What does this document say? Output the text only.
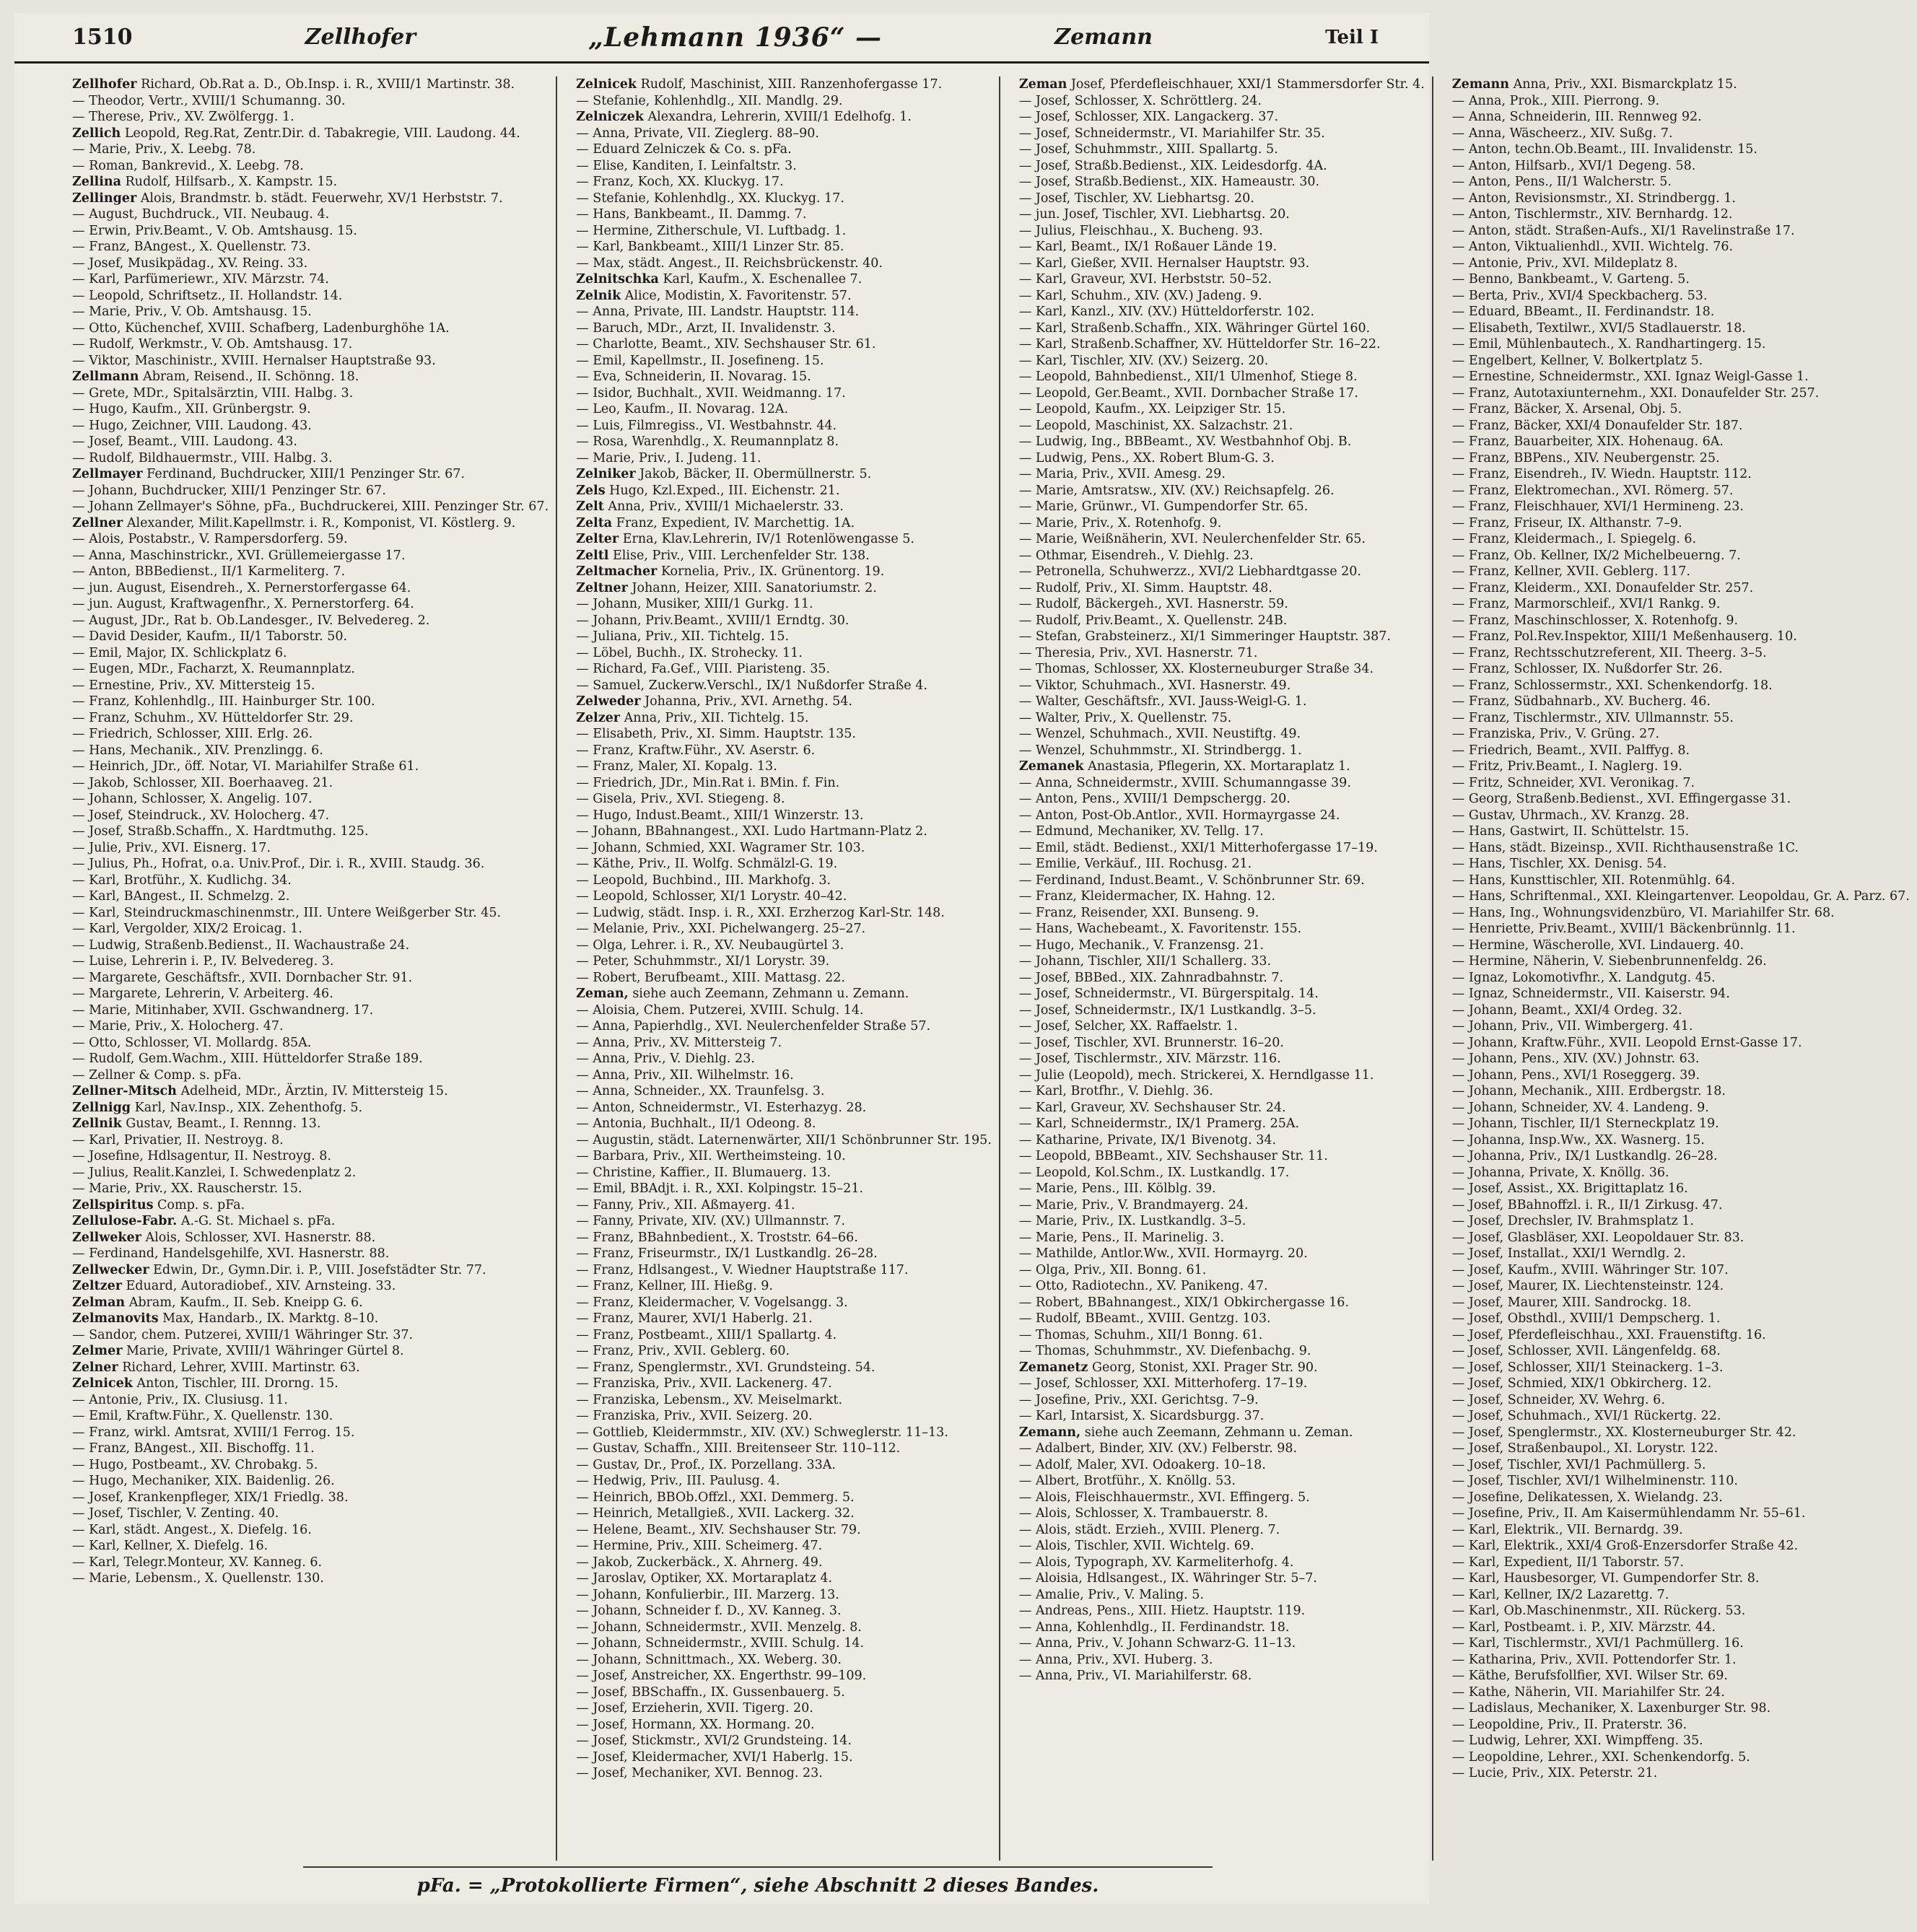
1510	Zellhofer	„Lehmann 1936“ —	Zemann	Teil I
Zellhofer Richard, Ob.Rat a. D., Ob.Insp. i. R., XVIII/1 Martinstr. 38.
— Theodor, Vertr., XVIII/1 Schumanng. 30.
— Therese, Priv., XV. Zwölfergg. 1.
Zellich Leopold, Reg.Rat, Zentr.Dir. d. Tabakregie, VIII. Laudong. 44.
— Marie, Priv., X. Leebg. 78.
— Roman, Bankrevid., X. Leebg. 78.
Zellina Rudolf, Hilfsarb., X. Kampstr. 15.
Zellinger Alois, Brandmstr. b. städt. Feuerwehr, XV/1 Herbststr. 7.
— August, Buchdruck., VII. Neubaug. 4.
— Erwin, Priv.Beamt., V. Ob. Amtshausg. 15.
— Franz, BAngest., X. Quellenstr. 73.
— Josef, Musikpädag., XV. Reing. 33.
— Karl, Parfümeriewr., XIV. Märzstr. 74.
— Leopold, Schriftsetz., II. Hollandstr. 14.
— Marie, Priv., V. Ob. Amtshausg. 15.
— Otto, Küchenchef, XVIII. Schafberg, Ladenburghöhe 1A.
— Rudolf, Werkmstr., V. Ob. Amtshausg. 17.
— Viktor, Maschinistr., XVIII. Hernalser Hauptstraße 93.
Zellmann Abram, Reisend., II. Schönng. 18.
— Grete, MDr., Spitalsärztin, VIII. Halbg. 3.
— Hugo, Kaufm., XII. Grünbergstr. 9.
— Hugo, Zeichner, VIII. Laudong. 43.
— Josef, Beamt., VIII. Laudong. 43.
— Rudolf, Bildhauermstr., VIII. Halbg. 3.
Zellmayer Ferdinand, Buchdrucker, XIII/1 Penzinger Str. 67.
— Johann, Buchdrucker, XIII/1 Penzinger Str. 67.
— Johann Zellmayer's Söhne, pFa., Buchdruckerei, XIII. Penzinger Str. 67.
Zellner Alexander, Milit.Kapellmstr. i. R., Komponist, VI. Köstlerg. 9.
— Alois, Postabstr., V. Rampersdorferg. 59.
— Anna, Maschinstrickr., XVI. Grüllemeiergasse 17.
— Anton, BBBedienst., II/1 Karmeliterg. 7.
— jun. August, Eisendreh., X. Pernerstorfergasse 64.
— jun. August, Kraftwagenfhr., X. Pernerstorferg. 64.
— August, JDr., Rat b. Ob.Landesger., IV. Belvedereg. 2.
— David Desider, Kaufm., II/1 Taborstr. 50.
— Emil, Major, IX. Schlickplatz 6.
— Eugen, MDr., Facharzt, X. Reumannplatz.
— Ernestine, Priv., XV. Mittersteig 15.
— Franz, Kohlenhdlg., III. Hainburger Str. 100.
— Franz, Schuhm., XV. Hütteldorfer Str. 29.
— Friedrich, Schlosser, XIII. Erlg. 26.
— Hans, Mechanik., XIV. Prenzlingg. 6.
— Heinrich, JDr., öff. Notar, VI. Mariahilfer Straße 61.
— Jakob, Schlosser, XII. Boerhaaveg. 21.
— Johann, Schlosser, X. Angelig. 107.
— Josef, Steindruck., XV. Holocherg. 47.
— Josef, Straßb.Schaffn., X. Hardtmuthg. 125.
— Julie, Priv., XVI. Eisnerg. 17.
— Julius, Ph., Hofrat, o.a. Univ.Prof., Dir. i. R., XVIII. Staudg. 36.
— Karl, Brotführ., X. Kudlichg. 34.
— Karl, BAngest., II. Schmelzg. 2.
— Karl, Steindruckmaschinenmstr., III. Untere Weißgerber Str. 45.
— Karl, Vergolder, XIX/2 Eroicag. 1.
— Ludwig, Straßenb.Bedienst., II. Wachaustraße 24.
— Luise, Lehrerin i. P., IV. Belvedereg. 3.
— Margarete, Geschäftsfr., XVII. Dornbacher Str. 91.
— Margarete, Lehrerin, V. Arbeiterg. 46.
— Marie, Mitinhaber, XVII. Gschwandnerg. 17.
— Marie, Priv., X. Holocherg. 47.
— Otto, Schlosser, VI. Mollardg. 85A.
— Rudolf, Gem.Wachm., XIII. Hütteldorfer Straße 189.
— Zellner & Comp. s. pFa.
Zellner-Mitsch Adelheid, MDr., Ärztin, IV. Mittersteig 15.
Zellnigg Karl, Nav.Insp., XIX. Zehenthofg. 5.
Zellnik Gustav, Beamt., I. Rennng. 13.
— Karl, Privatier, II. Nestroyg. 8.
— Josefine, Hdlsagentur, II. Nestroyg. 8.
— Julius, Realit.Kanzlei, I. Schwedenplatz 2.
— Marie, Priv., XX. Rauscherstr. 15.
Zellspiritus Comp. s. pFa.
Zellulose-Fabr. A.-G. St. Michael s. pFa.
Zellweker Alois, Schlosser, XVI. Hasnerstr. 88.
— Ferdinand, Handelsgehilfe, XVI. Hasnerstr. 88.
Zellwecker Edwin, Dr., Gymn.Dir. i. P., VIII. Josefstädter Str. 77.
Zeltzer Eduard, Autoradiobef., XIV. Arnsteing. 33.
Zelman Abram, Kaufm., II. Seb. Kneipp G. 6.
Zelmanovits Max, Handarb., IX. Marktg. 8–10.
— Sandor, chem. Putzerei, XVIII/1 Währinger Str. 37.
Zelmer Marie, Private, XVIII/1 Währinger Gürtel 8.
Zelner Richard, Lehrer, XVIII. Martinstr. 63.
Zelnicek Anton, Tischler, III. Drorng. 15.
— Antonie, Priv., IX. Clusiusg. 11.
— Emil, Kraftw.Führ., X. Quellenstr. 130.
— Franz, wirkl. Amtsrat, XVIII/1 Ferrog. 15.
— Franz, BAngest., XII. Bischoffg. 11.
— Hugo, Postbeamt., XV. Chrobakg. 5.
— Hugo, Mechaniker, XIX. Baidenlig. 26.
— Josef, Krankenpfleger, XIX/1 Friedlg. 38.
— Josef, Tischler, V. Zenting. 40.
— Karl, städt. Angest., X. Diefelg. 16.
— Karl, Kellner, X. Diefelg. 16.
— Karl, Telegr.Monteur, XV. Kanneg. 6.
— Marie, Lebensm., X. Quellenstr. 130.
Zelnicek Rudolf, Maschinist, XIII. Ranzenhofergasse 17.
— Stefanie, Kohlenhdlg., XII. Mandlg. 29.
Zelniczek Alexandra, Lehrerin, XVIII/1 Edelhofg. 1.
— Anna, Private, VII. Zieglerg. 88–90.
— Eduard Zelniczek & Co. s. pFa.
— Elise, Kanditen, I. Leinfaltstr. 3.
— Franz, Koch, XX. Kluckyg. 17.
— Stefanie, Kohlenhdlg., XX. Kluckyg. 17.
— Hans, Bankbeamt., II. Dammg. 7.
— Hermine, Zitherschule, VI. Luftbadg. 1.
— Karl, Bankbeamt., XIII/1 Linzer Str. 85.
— Max, städt. Angest., II. Reichsbrückenstr. 40.
Zelnitschka Karl, Kaufm., X. Eschenallee 7.
Zelnik Alice, Modistin, X. Favoritenstr. 57.
— Anna, Private, III. Landstr. Hauptstr. 114.
— Baruch, MDr., Arzt, II. Invalidenstr. 3.
— Charlotte, Beamt., XIV. Sechshauser Str. 61.
— Emil, Kapellmstr., II. Josefineng. 15.
— Eva, Schneiderin, II. Novarag. 15.
— Isidor, Buchhalt., XVII. Weidmanng. 17.
— Leo, Kaufm., II. Novarag. 12A.
— Luis, Filmregiss., VI. Westbahnstr. 44.
— Rosa, Warenhdlg., X. Reumannplatz 8.
— Marie, Priv., I. Judeng. 11.
Zelniker Jakob, Bäcker, II. Obermüllnerstr. 5.
Zels Hugo, Kzl.Exped., III. Eichenstr. 21.
Zelt Anna, Priv., XVIII/1 Michaelerstr. 33.
Zelta Franz, Expedient, IV. Marchettig. 1A.
Zelter Erna, Klav.Lehrerin, IV/1 Rotenlöwengasse 5.
Zeltl Elise, Priv., VIII. Lerchenfelder Str. 138.
Zeltmacher Kornelia, Priv., IX. Grünentorg. 19.
Zeltner Johann, Heizer, XIII. Sanatoriumstr. 2.
— Johann, Musiker, XIII/1 Gurkg. 11.
— Johann, Priv.Beamt., XVIII/1 Erndtg. 30.
— Juliana, Priv., XII. Tichtelg. 15.
— Löbel, Buchh., IX. Strohecky. 11.
— Richard, Fa.Gef., VIII. Piaristeng. 35.
— Samuel, Zuckerw.Verschl., IX/1 Nußdorfer Straße 4.
Zelweder Johanna, Priv., XVI. Arnethg. 54.
Zelzer Anna, Priv., XII. Tichtelg. 15.
— Elisabeth, Priv., XI. Simm. Hauptstr. 135.
— Franz, Kraftw.Führ., XV. Aserstr. 6.
— Franz, Maler, XI. Kopalg. 13.
— Friedrich, JDr., Min.Rat i. BMin. f. Fin.
— Gisela, Priv., XVI. Stiegeng. 8.
— Hugo, Indust.Beamt., XIII/1 Winzerstr. 13.
— Johann, BBahnangest., XXI. Ludo Hartmann-Platz 2.
— Johann, Schmied, XXI. Wagramer Str. 103.
— Käthe, Priv., II. Wolfg. Schmälzl-G. 19.
— Leopold, Buchbind., III. Markhofg. 3.
— Leopold, Schlosser, XI/1 Lorystr. 40–42.
— Ludwig, städt. Insp. i. R., XXI. Erzherzog Karl-Str. 148.
— Melanie, Priv., XXI. Pichelwangerg. 25–27.
— Olga, Lehrer. i. R., XV. Neubaugürtel 3.
— Peter, Schuhmmstr., XI/1 Lorystr. 39.
— Robert, Berufbeamt., XIII. Mattasg. 22.
Zeman, siehe auch Zeemann, Zehmann u. Zemann.
— Aloisia, Chem. Putzerei, XVIII. Schulg. 14.
— Anna, Papierhdlg., XVI. Neulerchenfelder Straße 57.
— Anna, Priv., XV. Mittersteig 7.
— Anna, Priv., V. Diehlg. 23.
— Anna, Priv., XII. Wilhelmstr. 16.
— Anna, Schneider., XX. Traunfelsg. 3.
— Anton, Schneidermstr., VI. Esterhazyg. 28.
— Antonia, Buchhalt., II/1 Odeong. 8.
— Augustin, städt. Laternenwärter, XII/1 Schönbrunner Str. 195.
— Barbara, Priv., XII. Wertheimsteing. 10.
— Christine, Kaffier., II. Blumauerg. 13.
— Emil, BBAdjt. i. R., XXI. Kolpingstr. 15–21.
— Fanny, Priv., XII. Aßmayerg. 41.
— Fanny, Private, XIV. (XV.) Ullmannstr. 7.
— Franz, BBahnbedient., X. Troststr. 64–66.
— Franz, Friseurmstr., IX/1 Lustkandlg. 26–28.
— Franz, Hdlsangest., V. Wiedner Hauptstraße 117.
— Franz, Kellner, III. Hießg. 9.
— Franz, Kleidermacher, V. Vogelsangg. 3.
— Franz, Maurer, XVI/1 Haberlg. 21.
— Franz, Postbeamt., XIII/1 Spallartg. 4.
— Franz, Priv., XVII. Geblerg. 60.
— Franz, Spenglermstr., XVI. Grundsteing. 54.
— Franziska, Priv., XVII. Lackenerg. 47.
— Franziska, Lebensm., XV. Meiselmarkt.
— Franziska, Priv., XVII. Seizerg. 20.
— Gottlieb, Kleidermmstr., XIV. (XV.) Schweglerstr. 11–13.
— Gustav, Schaffn., XIII. Breitenseer Str. 110–112.
— Gustav, Dr., Prof., IX. Porzellang. 33A.
— Hedwig, Priv., III. Paulusg. 4.
— Heinrich, BBOb.Offzl., XXI. Demmerg. 5.
— Heinrich, Metallgieß., XVII. Lackerg. 32.
— Helene, Beamt., XIV. Sechshauser Str. 79.
— Hermine, Priv., XIII. Scheimerg. 47.
— Jakob, Zuckerbäck., X. Ahrnerg. 49.
— Jaroslav, Optiker, XX. Mortaraplatz 4.
— Johann, Konfulierbir., III. Marzerg. 13.
— Johann, Schneider f. D., XV. Kanneg. 3.
— Johann, Schneidermstr., XVII. Menzelg. 8.
— Johann, Schneidermstr., XVIII. Schulg. 14.
— Johann, Schnittmach., XX. Weberg. 30.
— Josef, Anstreicher, XX. Engerthstr. 99–109.
— Josef, BBSchaffn., IX. Gussenbauerg. 5.
— Josef, Erzieherin, XVII. Tigerg. 20.
— Josef, Hormann, XX. Hormang. 20.
— Josef, Stickmstr., XVI/2 Grundsteing. 14.
— Josef, Kleidermacher, XVI/1 Haberlg. 15.
— Josef, Mechaniker, XVI. Bennog. 23.
Zeman Josef, Pferdefleischhauer, XXI/1 Stammersdorfer Str. 4.
— Josef, Schlosser, X. Schröttlerg. 24.
— Josef, Schlosser, XIX. Langackerg. 37.
— Josef, Schneidermstr., VI. Mariahilfer Str. 35.
— Josef, Schuhmmstr., XIII. Spallartg. 5.
— Josef, Straßb.Bedienst., XIX. Leidesdorfg. 4A.
— Josef, Straßb.Bedienst., XIX. Hameaustr. 30.
— Josef, Tischler, XV. Liebhartsg. 20.
— jun. Josef, Tischler, XVI. Liebhartsg. 20.
— Julius, Fleischhau., X. Bucheng. 93.
— Karl, Beamt., IX/1 Roßauer Lände 19.
— Karl, Gießer, XVII. Hernalser Hauptstr. 93.
— Karl, Graveur, XVI. Herbststr. 50–52.
— Karl, Schuhm., XIV. (XV.) Jadeng. 9.
— Karl, Kanzl., XIV. (XV.) Hütteldorferstr. 102.
— Karl, Straßenb.Schaffn., XIX. Währinger Gürtel 160.
— Karl, Straßenb.Schaffner, XV. Hütteldorfer Str. 16–22.
— Karl, Tischler, XIV. (XV.) Seizerg. 20.
— Leopold, Bahnbedienst., XII/1 Ulmenhof, Stiege 8.
— Leopold, Ger.Beamt., XVII. Dornbacher Straße 17.
— Leopold, Kaufm., XX. Leipziger Str. 15.
— Leopold, Maschinist, XX. Salzachstr. 21.
— Ludwig, Ing., BBBeamt., XV. Westbahnhof Obj. B.
— Ludwig, Pens., XX. Robert Blum-G. 3.
— Maria, Priv., XVII. Amesg. 29.
— Marie, Amtsratsw., XIV. (XV.) Reichsapfelg. 26.
— Marie, Grünwr., VI. Gumpendorfer Str. 65.
— Marie, Priv., X. Rotenhofg. 9.
— Marie, Weißnäherin, XVI. Neulerchenfelder Str. 65.
— Othmar, Eisendreh., V. Diehlg. 23.
— Petronella, Schuhwerzz., XVI/2 Liebhardtgasse 20.
— Rudolf, Priv., XI. Simm. Hauptstr. 48.
— Rudolf, Bäckergeh., XVI. Hasnerstr. 59.
— Rudolf, Priv.Beamt., X. Quellenstr. 24B.
— Stefan, Grabsteinerz., XI/1 Simmeringer Hauptstr. 387.
— Theresia, Priv., XVI. Hasnerstr. 71.
— Thomas, Schlosser, XX. Klosterneuburger Straße 34.
— Viktor, Schuhmach., XVI. Hasnerstr. 49.
— Walter, Geschäftsfr., XVI. Jauss-Weigl-G. 1.
— Walter, Priv., X. Quellenstr. 75.
— Wenzel, Schuhmach., XVII. Neustiftg. 49.
— Wenzel, Schuhmmstr., XI. Strindbergg. 1.
Zemanek Anastasia, Pflegerin, XX. Mortaraplatz 1.
— Anna, Schneidermstr., XVIII. Schumanngasse 39.
— Anton, Pens., XVIII/1 Dempschergg. 20.
— Anton, Post-Ob.Antlor., XVII. Hormayrgasse 24.
— Edmund, Mechaniker, XV. Tellg. 17.
— Emil, städt. Bedienst., XXI/1 Mitterhofergasse 17–19.
— Emilie, Verkäuf., III. Rochusg. 21.
— Ferdinand, Indust.Beamt., V. Schönbrunner Str. 69.
— Franz, Kleidermacher, IX. Hahng. 12.
— Franz, Reisender, XXI. Bunseng. 9.
— Hans, Wachebeamt., X. Favoritenstr. 155.
— Hugo, Mechanik., V. Franzensg. 21.
— Johann, Tischler, XII/1 Schallerg. 33.
— Josef, BBBed., XIX. Zahnradbahnstr. 7.
— Josef, Schneidermstr., VI. Bürgerspitalg. 14.
— Josef, Schneidermstr., IX/1 Lustkandlg. 3–5.
— Josef, Selcher, XX. Raffaelstr. 1.
— Josef, Tischler, XVI. Brunnerstr. 16–20.
— Josef, Tischlermstr., XIV. Märzstr. 116.
— Julie (Leopold), mech. Strickerei, X. Herndlgasse 11.
— Karl, Brotfhr., V. Diehlg. 36.
— Karl, Graveur, XV. Sechshauser Str. 24.
— Karl, Schneidermstr., IX/1 Pramerg. 25A.
— Katharine, Private, IX/1 Bivenotg. 34.
— Leopold, BBBeamt., XIV. Sechshauser Str. 11.
— Leopold, Kol.Schm., IX. Lustkandlg. 17.
— Marie, Pens., III. Kölblg. 39.
— Marie, Priv., V. Brandmayerg. 24.
— Marie, Priv., IX. Lustkandlg. 3–5.
— Marie, Pens., II. Marinelig. 3.
— Mathilde, Antlor.Ww., XVII. Hormayrg. 20.
— Olga, Priv., XII. Bonng. 61.
— Otto, Radiotechn., XV. Panikeng. 47.
— Robert, BBahnangest., XIX/1 Obkirchergasse 16.
— Rudolf, BBeamt., XVIII. Gentzg. 103.
— Thomas, Schuhm., XII/1 Bonng. 61.
— Thomas, Schuhmmstr., XV. Diefenbachg. 9.
Zemanetz Georg, Stonist, XXI. Prager Str. 90.
— Josef, Schlosser, XXI. Mitterhoferg. 17–19.
— Josefine, Priv., XXI. Gerichtsg. 7–9.
— Karl, Intarsist, X. Sicardsburgg. 37.
Zemann, siehe auch Zeemann, Zehmann u. Zeman.
— Adalbert, Binder, XIV. (XV.) Felberstr. 98.
— Adolf, Maler, XVI. Odoakerg. 10–18.
— Albert, Brotführ., X. Knöllg. 53.
— Alois, Fleischhauermstr., XVI. Effingerg. 5.
— Alois, Schlosser, X. Trambauerstr. 8.
— Alois, städt. Erzieh., XVIII. Plenerg. 7.
— Alois, Tischler, XVII. Wichtelg. 69.
— Alois, Typograph, XV. Karmeliterhofg. 4.
— Aloisia, Hdlsangest., IX. Währinger Str. 5–7.
— Amalie, Priv., V. Maling. 5.
— Andreas, Pens., XIII. Hietz. Hauptstr. 119.
— Anna, Kohlenhdlg., II. Ferdinandstr. 18.
— Anna, Priv., V. Johann Schwarz-G. 11–13.
— Anna, Priv., XVI. Huberg. 3.
— Anna, Priv., VI. Mariahilferstr. 68.
Zemann Anna, Priv., XXI. Bismarckplatz 15.
— Anna, Prok., XIII. Pierrong. 9.
— Anna, Schneiderin, III. Rennweg 92.
— Anna, Wäscheerz., XIV. Sußg. 7.
— Anton, techn.Ob.Beamt., III. Invalidenstr. 15.
— Anton, Hilfsarb., XVI/1 Degeng. 58.
— Anton, Pens., II/1 Walcherstr. 5.
— Anton, Revisionsmstr., XI. Strindbergg. 1.
— Anton, Tischlermstr., XIV. Bernhardg. 12.
— Anton, städt. Straßen-Aufs., XI/1 Ravelinstraße 17.
— Anton, Viktualienhdl., XVII. Wichtelg. 76.
— Antonie, Priv., XVI. Mildeplatz 8.
— Benno, Bankbeamt., V. Garteng. 5.
— Berta, Priv., XVI/4 Speckbacherg. 53.
— Eduard, BBeamt., II. Ferdinandstr. 18.
— Elisabeth, Textilwr., XVI/5 Stadlauerstr. 18.
— Emil, Mühlenbautech., X. Randhartingerg. 15.
— Engelbert, Kellner, V. Bolkertplatz 5.
— Ernestine, Schneidermstr., XXI. Ignaz Weigl-Gasse 1.
— Franz, Autotaxiunternehm., XXI. Donaufelder Str. 257.
— Franz, Bäcker, X. Arsenal, Obj. 5.
— Franz, Bäcker, XXI/4 Donaufelder Str. 187.
— Franz, Bauarbeiter, XIX. Hohenaug. 6A.
— Franz, BBPens., XIV. Neubergenstr. 25.
— Franz, Eisendreh., IV. Wiedn. Hauptstr. 112.
— Franz, Elektromechan., XVI. Römerg. 57.
— Franz, Fleischhauer, XVI/1 Hermineng. 23.
— Franz, Friseur, IX. Althanstr. 7–9.
— Franz, Kleidermach., I. Spiegelg. 6.
— Franz, Ob. Kellner, IX/2 Michelbeuerng. 7.
— Franz, Kellner, XVII. Geblerg. 117.
— Franz, Kleiderm., XXI. Donaufelder Str. 257.
— Franz, Marmorschleif., XVI/1 Rankg. 9.
— Franz, Maschinschlosser, X. Rotenhofg. 9.
— Franz, Pol.Rev.Inspektor, XIII/1 Meßenhauserg. 10.
— Franz, Rechtsschutzreferent, XII. Theerg. 3–5.
— Franz, Schlosser, IX. Nußdorfer Str. 26.
— Franz, Schlossermstr., XXI. Schenkendorfg. 18.
— Franz, Südbahnarb., XV. Bucherg. 46.
— Franz, Tischlermstr., XIV. Ullmannstr. 55.
— Franziska, Priv., V. Grüng. 27.
— Friedrich, Beamt., XVII. Palffyg. 8.
— Fritz, Priv.Beamt., I. Naglerg. 19.
— Fritz, Schneider, XVI. Veronikag. 7.
— Georg, Straßenb.Bedienst., XVI. Effingergasse 31.
— Gustav, Uhrmach., XV. Kranzg. 28.
— Hans, Gastwirt, II. Schüttelstr. 15.
— Hans, städt. Bizeinsp., XVII. Richthausenstraße 1C.
— Hans, Tischler, XX. Denisg. 54.
— Hans, Kunsttischler, XII. Rotenmühlg. 64.
— Hans, Schriftenmal., XXI. Kleingartenver. Leopoldau, Gr. A. Parz. 67.
— Hans, Ing., Wohnungsvidenzbüro, VI. Mariahilfer Str. 68.
— Henriette, Priv.Beamt., XVIII/1 Bäckenbrünnlg. 11.
— Hermine, Wäscherolle, XVI. Lindauerg. 40.
— Hermine, Näherin, V. Siebenbrunnenfeldg. 26.
— Ignaz, Lokomotivfhr., X. Landgutg. 45.
— Ignaz, Schneidermstr., VII. Kaiserstr. 94.
— Johann, Beamt., XXI/4 Ordeg. 32.
— Johann, Priv., VII. Wimbergerg. 41.
— Johann, Kraftw.Führ., XVII. Leopold Ernst-Gasse 17.
— Johann, Pens., XIV. (XV.) Johnstr. 63.
— Johann, Pens., XVI/1 Roseggerg. 39.
— Johann, Mechanik., XIII. Erdbergstr. 18.
— Johann, Schneider, XV. 4. Landeng. 9.
— Johann, Tischler, II/1 Sterneckplatz 19.
— Johanna, Insp.Ww., XX. Wasnerg. 15.
— Johanna, Priv., IX/1 Lustkandlg. 26–28.
— Johanna, Private, X. Knöllg. 36.
— Josef, Assist., XX. Brigittaplatz 16.
— Josef, BBahnoffzl. i. R., II/1 Zirkusg. 47.
— Josef, Drechsler, IV. Brahmsplatz 1.
— Josef, Glasbläser, XXI. Leopoldauer Str. 83.
— Josef, Installat., XXI/1 Werndlg. 2.
— Josef, Kaufm., XVIII. Währinger Str. 107.
— Josef, Maurer, IX. Liechtensteinstr. 124.
— Josef, Maurer, XIII. Sandrockg. 18.
— Josef, Obsthdl., XVIII/1 Dempscherg. 1.
— Josef, Pferdefleischhau., XXI. Frauenstiftg. 16.
— Josef, Schlosser, XVII. Längenfeldg. 68.
— Josef, Schlosser, XII/1 Steinackerg. 1–3.
— Josef, Schmied, XIX/1 Obkircherg. 12.
— Josef, Schneider, XV. Wehrg. 6.
— Josef, Schuhmach., XVI/1 Rückertg. 22.
— Josef, Spenglermstr., XX. Klosterneuburger Str. 42.
— Josef, Straßenbaupol., XI. Lorystr. 122.
— Josef, Tischler, XVI/1 Pachmüllerg. 5.
— Josef, Tischler, XVI/1 Wilhelminenstr. 110.
— Josefine, Delikatessen, X. Wielandg. 23.
— Josefine, Priv., II. Am Kaisermühlendamm Nr. 55–61.
— Karl, Elektrik., VII. Bernardg. 39.
— Karl, Elektrik., XXI/4 Groß-Enzersdorfer Straße 42.
— Karl, Expedient, II/1 Taborstr. 57.
— Karl, Hausbesorger, VI. Gumpendorfer Str. 8.
— Karl, Kellner, IX/2 Lazarettg. 7.
— Karl, Ob.Maschinenmstr., XII. Rückerg. 53.
— Karl, Postbeamt. i. P., XIV. Märzstr. 44.
— Karl, Tischlermstr., XVI/1 Pachmüllerg. 16.
— Katharina, Priv., XVII. Pottendorfer Str. 1.
— Käthe, Berufsfollfier, XVI. Wilser Str. 69.
— Kathe, Näherin, VII. Mariahilfer Str. 24.
— Ladislaus, Mechaniker, X. Laxenburger Str. 98.
— Leopoldine, Priv., II. Praterstr. 36.
— Ludwig, Lehrer, XXI. Wimpffeng. 35.
— Leopoldine, Lehrer., XXI. Schenkendorfg. 5.
— Lucie, Priv., XIX. Peterstr. 21.
pFa. = „Protokollierte Firmen“, siehe Abschnitt 2 dieses Bandes.
